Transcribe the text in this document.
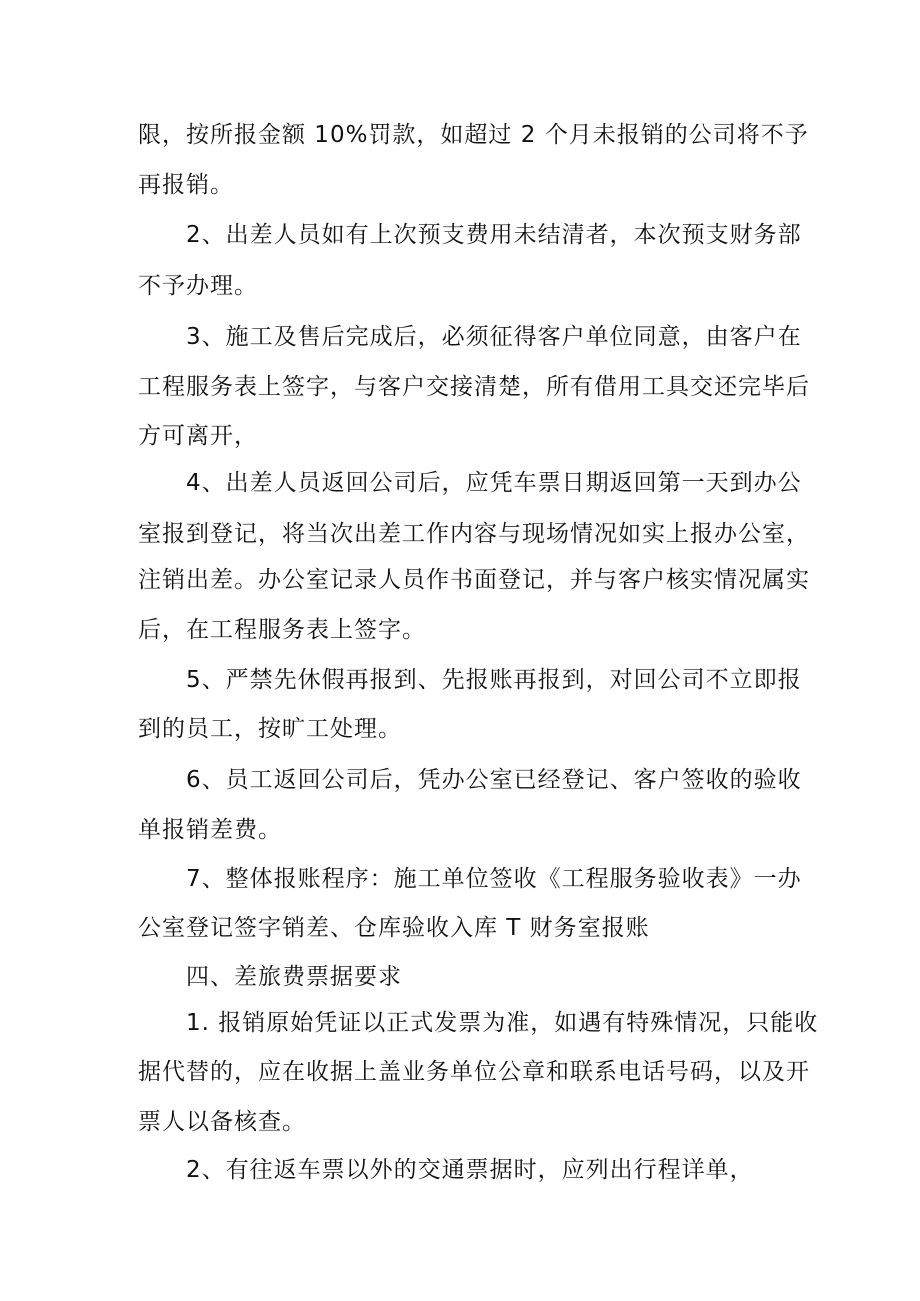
限，按所报金额 10%罚款，如超过 2 个月未报销的公司将不予
再报销。
2、出差人员如有上次预支费用未结清者，本次预支财务部
不予办理。
3、施工及售后完成后，必须征得客户单位同意，由客户在
工程服务表上签字，与客户交接清楚，所有借用工具交还完毕后
方可离开，
4、出差人员返回公司后，应凭车票日期返回第一天到办公
室报到登记，将当次出差工作内容与现场情况如实上报办公室，
注销出差。办公室记录人员作书面登记，并与客户核实情况属实
后，在工程服务表上签字。
5、严禁先休假再报到、先报账再报到，对回公司不立即报
到的员工，按旷工处理。
6、员工返回公司后，凭办公室已经登记、客户签收的验收
单报销差费。
7、整体报账程序：施工单位签收《工程服务验收表》一办
公室登记签字销差、仓库验收入库 T 财务室报账
四、差旅费票据要求
1. 报销原始凭证以正式发票为准，如遇有特殊情况，只能收
据代替的，应在收据上盖业务单位公章和联系电话号码，以及开
票人以备核查。
2、有往返车票以外的交通票据时，应列出行程详单，
